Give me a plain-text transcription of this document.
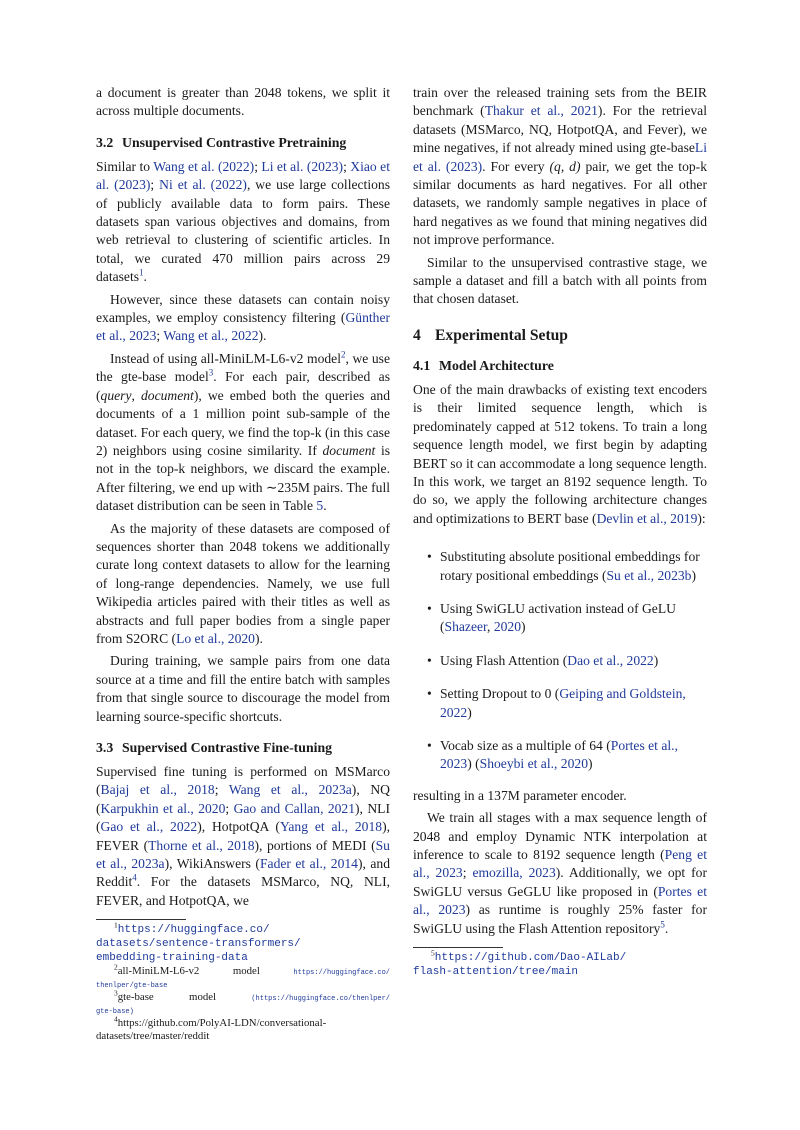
a document is greater than 2048 tokens, we split it across multiple documents.

3.2 Unsupervised Contrastive Pretraining

Similar to Wang et al. (2022); Li et al. (2023); Xiao et al. (2023); Ni et al. (2022), we use large collections of publicly available data to form pairs. These datasets span various objectives and domains, from web retrieval to clustering of scientific articles. In total, we curated 470 million pairs across 29 datasets$^1$.

However, since these datasets can contain noisy examples, we employ consistency filtering (Günther et al., 2023; Wang et al., 2022).

Instead of using all-MiniLM-L6-v2 model$^2$, we use the gte-base model$^3$. For each pair, described as (query, document), we embed both the queries and documents of a 1 million point sub-sample of the dataset. For each query, we find the top-k (in this case 2) neighbors using cosine similarity. If document is not in the top-k neighbors, we discard the example. After filtering, we end up with ∼235M pairs. The full dataset distribution can be seen in Table 5.

As the majority of these datasets are composed of sequences shorter than 2048 tokens we additionally curate long context datasets to allow for the learning of long-range dependencies. Namely, we use full Wikipedia articles paired with their titles as well as abstracts and full paper bodies from a single paper from S2ORC (Lo et al., 2020).

During training, we sample pairs from one data source at a time and fill the entire batch with samples from that single source to discourage the model from learning source-specific shortcuts.

3.3 Supervised Contrastive Fine-tuning

Supervised fine tuning is performed on MSMarco (Bajaj et al., 2018; Wang et al., 2023a), NQ (Karpukhin et al., 2020; Gao and Callan, 2021), NLI (Gao et al., 2022), HotpotQA (Yang et al., 2018), FEVER (Thorne et al., 2018), portions of MEDI (Su et al., 2023a), WikiAnswers (Fader et al., 2014), and Reddit$^4$. For the datasets MSMarco, NQ, NLI, FEVER, and HotpotQA, we

$^1$https://huggingface.co/

datasets/sentence-transformers/

embedding-training-data

$^2$all-MiniLM-L6-v2	model	https://huggingface.co/

thenlper/gte-base

$^3$gte-base	model	(https://huggingface.co/thenlper/

gte-base)

$^4$https://github.com/PolyAI-LDN/conversational-

datasets/tree/master/reddit

train over the released training sets from the BEIR benchmark (Thakur et al., 2021). For the retrieval datasets (MSMarco, NQ, HotpotQA, and Fever), we mine negatives, if not already mined using gte-baseLi et al. (2023). For every (q, d) pair, we get the top-k similar documents as hard negatives. For all other datasets, we randomly sample negatives in place of hard negatives as we found that mining negatives did not improve performance.

Similar to the unsupervised contrastive stage, we sample a dataset and fill a batch with all points from that chosen dataset.

4 Experimental Setup
4.1 Model Architecture

One of the main drawbacks of existing text encoders is their limited sequence length, which is predominately capped at 512 tokens. To train a long sequence length model, we first begin by adapting BERT so it can accommodate a long sequence length. In this work, we target an 8192 sequence length. To do so, we apply the following architecture changes and optimizations to BERT base (Devlin et al., 2019):

• Substituting absolute positional embeddings for rotary positional embeddings (Su et al., 2023b)
• Using SwiGLU activation instead of GeLU (Shazeer, 2020)
• Using Flash Attention (Dao et al., 2022)
• Setting Dropout to 0 (Geiping and Goldstein, 2022)
• Vocab size as a multiple of 64 (Portes et al., 2023) (Shoeybi et al., 2020)

resulting in a 137M parameter encoder.

We train all stages with a max sequence length of 2048 and employ Dynamic NTK interpolation at inference to scale to 8192 sequence length (Peng et al., 2023; emozilla, 2023). Additionally, we opt for SwiGLU versus GeGLU like proposed in (Portes et al., 2023) as runtime is roughly 25% faster for SwiGLU using the Flash Attention repository$^5$.

$^5$https://github.com/Dao-AILab/

flash-attention/tree/main
